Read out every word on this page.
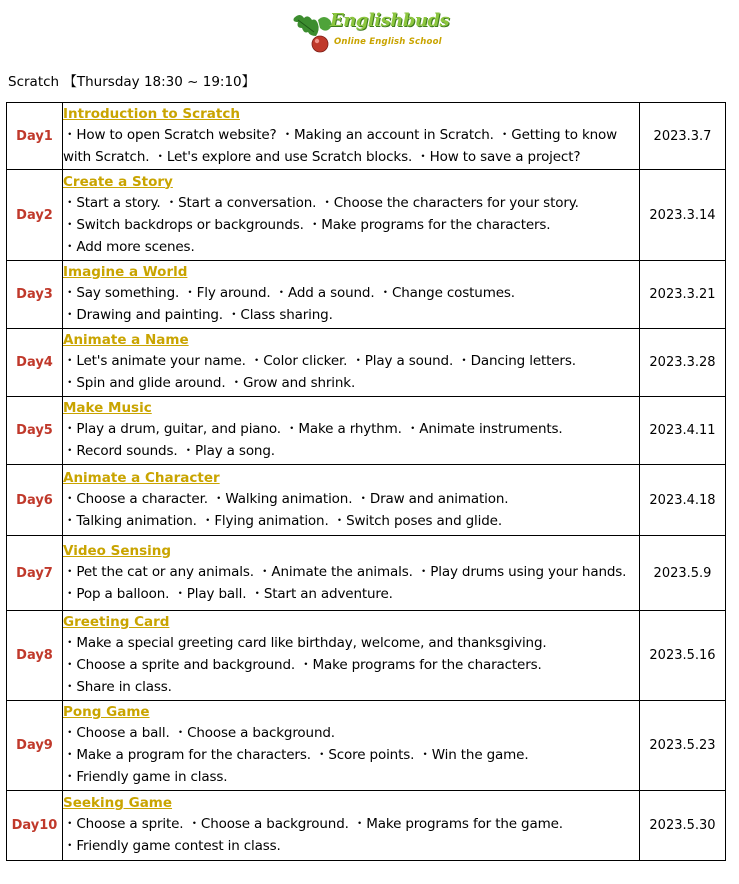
Englishbuds
Online English School
Scratch 【Thursday 18:30 ~ 19:10】
Day1	Introduction to Scratch
・How to open Scratch website? ・Making an account in Scratch. ・Getting to know
with Scratch. ・Let's explore and use Scratch blocks. ・How to save a project?	2023.3.7
Day2	Create a Story
・Start a story. ・Start a conversation. ・Choose the characters for your story.
・Switch backdrops or backgrounds. ・Make programs for the characters.
・Add more scenes.	2023.3.14
Day3	Imagine a World
・Say something. ・Fly around. ・Add a sound. ・Change costumes.
・Drawing and painting. ・Class sharing.	2023.3.21
Day4	Animate a Name
・Let's animate your name. ・Color clicker. ・Play a sound. ・Dancing letters.
・Spin and glide around. ・Grow and shrink.	2023.3.28
Day5	Make Music
・Play a drum, guitar, and piano. ・Make a rhythm. ・Animate instruments.
・Record sounds. ・Play a song.	2023.4.11
Day6	Animate a Character
・Choose a character. ・Walking animation. ・Draw and animation.
・Talking animation. ・Flying animation. ・Switch poses and glide.	2023.4.18
Day7	Video Sensing
・Pet the cat or any animals. ・Animate the animals. ・Play drums using your hands.
・Pop a balloon. ・Play ball. ・Start an adventure.	2023.5.9
Day8	Greeting Card
・Make a special greeting card like birthday, welcome, and thanksgiving.
・Choose a sprite and background. ・Make programs for the characters.
・Share in class.	2023.5.16
Day9	Pong Game
・Choose a ball. ・Choose a background.
・Make a program for the characters. ・Score points. ・Win the game.
・Friendly game in class.	2023.5.23
Day10	Seeking Game
・Choose a sprite. ・Choose a background. ・Make programs for the game.
・Friendly game contest in class.	2023.5.30
